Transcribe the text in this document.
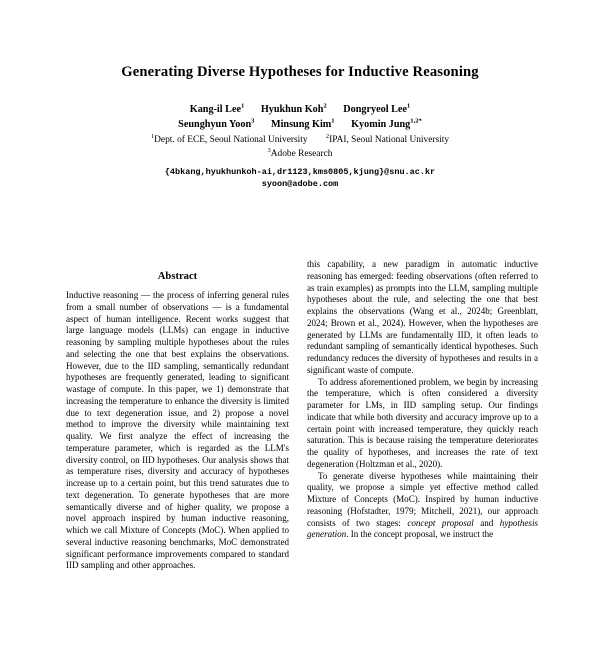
Generating Diverse Hypotheses for Inductive Reasoning
Kang-il Lee$^1$ Hyukhun Koh$^2$ Dongryeol Lee$^1$
Seunghyun Yoon$^3$ Minsung Kim$^1$ Kyomin Jung$^{1,2*}$
$^1$Dept. of ECE, Seoul National University	$^2$IPAI, Seoul National University
$^3$Adobe Research
{4bkang,hyukhunkoh-ai,dr1123,kms0805,kjung}@snu.ac.kr
syoon@adobe.com
Abstract

Inductive reasoning — the process of inferring general rules from a small number of observations — is a fundamental aspect of human intelligence. Recent works suggest that large language models (LLMs) can engage in inductive reasoning by sampling multiple hypotheses about the rules and selecting the one that best explains the observations. However, due to the IID sampling, semantically redundant hypotheses are frequently generated, leading to significant wastage of compute. In this paper, we 1) demonstrate that increasing the temperature to enhance the diversity is limited due to text degeneration issue, and 2) propose a novel method to improve the diversity while maintaining text quality. We first analyze the effect of increasing the temperature parameter, which is regarded as the LLM's diversity control, on IID hypotheses. Our analysis shows that as temperature rises, diversity and accuracy of hypotheses increase up to a certain point, but this trend saturates due to text degeneration. To generate hypotheses that are more semantically diverse and of higher quality, we propose a novel approach inspired by human inductive reasoning, which we call Mixture of Concepts (MoC). When applied to several inductive reasoning benchmarks, MoC demonstrated significant performance improvements compared to standard IID sampling and other approaches.

this capability, a new paradigm in automatic inductive reasoning has emerged: feeding observations (often referred to as train examples) as prompts into the LLM, sampling multiple hypotheses about the rule, and selecting the one that best explains the observations (Wang et al., 2024b; Greenblatt, 2024; Brown et al., 2024). However, when the hypotheses are generated by LLMs are fundamentally IID, it often leads to redundant sampling of semantically identical hypotheses. Such redundancy reduces the diversity of hypotheses and results in a significant waste of compute.

To address aforementioned problem, we begin by increasing the temperature, which is often considered a diversity parameter for LMs, in IID sampling setup. Our findings indicate that while both diversity and accuracy improve up to a certain point with increased temperature, they quickly reach saturation. This is because raising the temperature deteriorates the quality of hypotheses, and increases the rate of text degeneration (Holtzman et al., 2020).

To generate diverse hypotheses while maintaining their quality, we propose a simple yet effective method called Mixture of Concepts (MoC). Inspired by human inductive reasoning (Hofstadter, 1979; Mitchell, 2021), our approach consists of two stages: concept proposal and hypothesis generation. In the concept proposal, we instruct the
